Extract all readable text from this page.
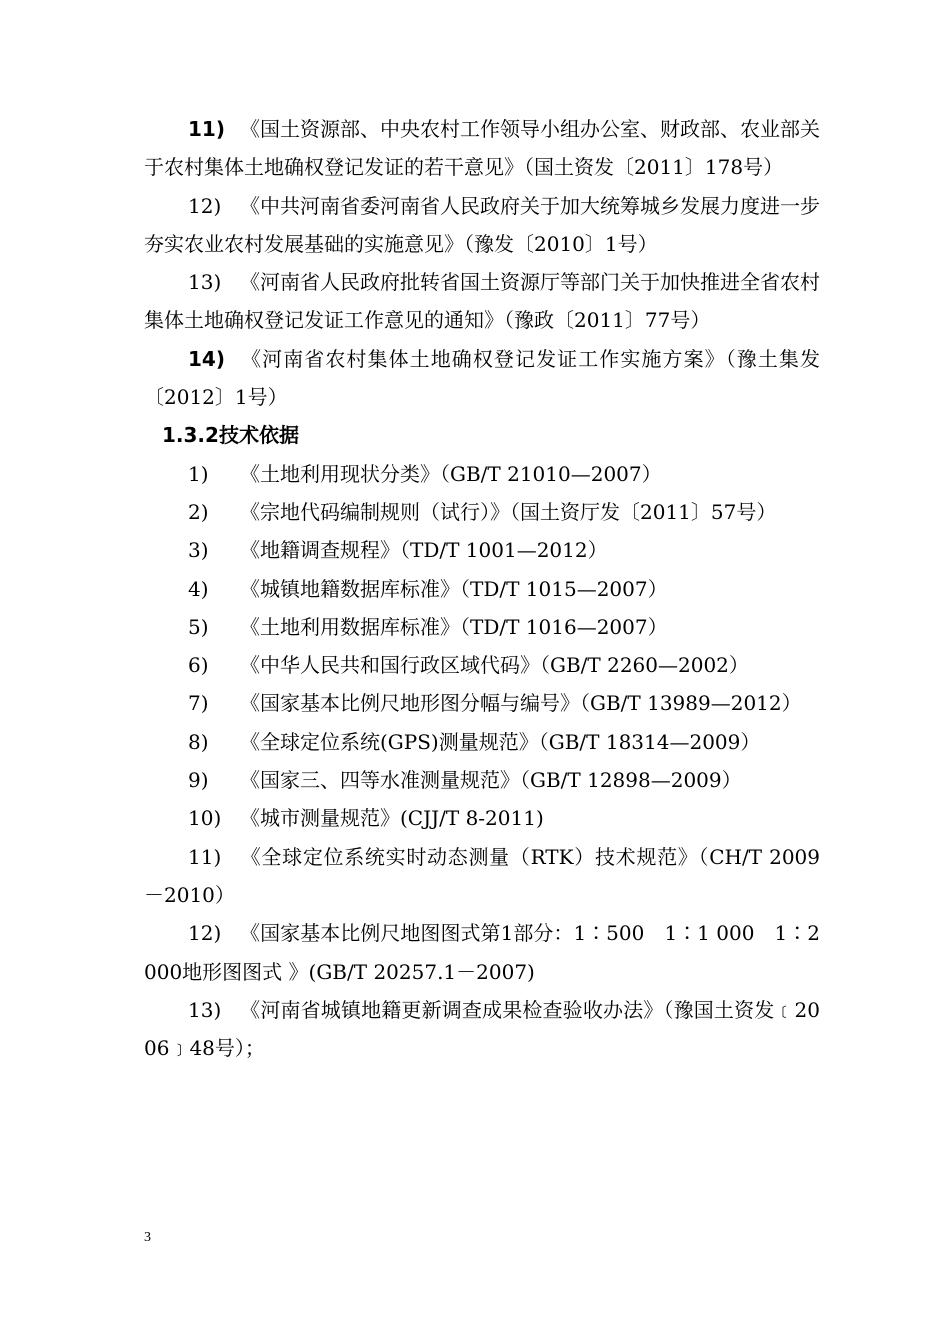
11) 《国土资源部、中央农村工作领导小组办公室、财政部、农业部关于农村集体土地确权登记发证的若干意见》（国土资发〔2011〕178号）
12) 《中共河南省委河南省人民政府关于加大统筹城乡发展力度进一步夯实农业农村发展基础的实施意见》（豫发〔2010〕1号）
13) 《河南省人民政府批转省国土资源厅等部门关于加快推进全省农村集体土地确权登记发证工作意见的通知》（豫政〔2011〕77号）
14) 《河南省农村集体土地确权登记发证工作实施方案》（豫土集发〔2012〕1号）
1.3.2技术依据
1) 《土地利用现状分类》（GB/T 21010—2007）
2) 《宗地代码编制规则（试行）》（国土资厅发〔2011〕57号）
3) 《地籍调查规程》（TD/T 1001—2012）
4) 《城镇地籍数据库标准》（TD/T 1015—2007）
5) 《土地利用数据库标准》（TD/T 1016—2007）
6) 《中华人民共和国行政区域代码》（GB/T 2260—2002）
7) 《国家基本比例尺地形图分幅与编号》（GB/T 13989—2012）
8) 《全球定位系统(GPS)测量规范》（GB/T 18314—2009）
9) 《国家三、四等水准测量规范》（GB/T 12898—2009）
10) 《城市测量规范》(CJJ/T 8-2011)
11) 《全球定位系统实时动态测量（RTK）技术规范》（CH/T 2009－2010）
12) 《国家基本比例尺地图图式第1部分：1∶500　1∶1 000　1∶2 000地形图图式 》(GB/T 20257.1－2007)
13) 《河南省城镇地籍更新调查成果检查验收办法》（豫国土资发﹝2006﹞48号）；
3
